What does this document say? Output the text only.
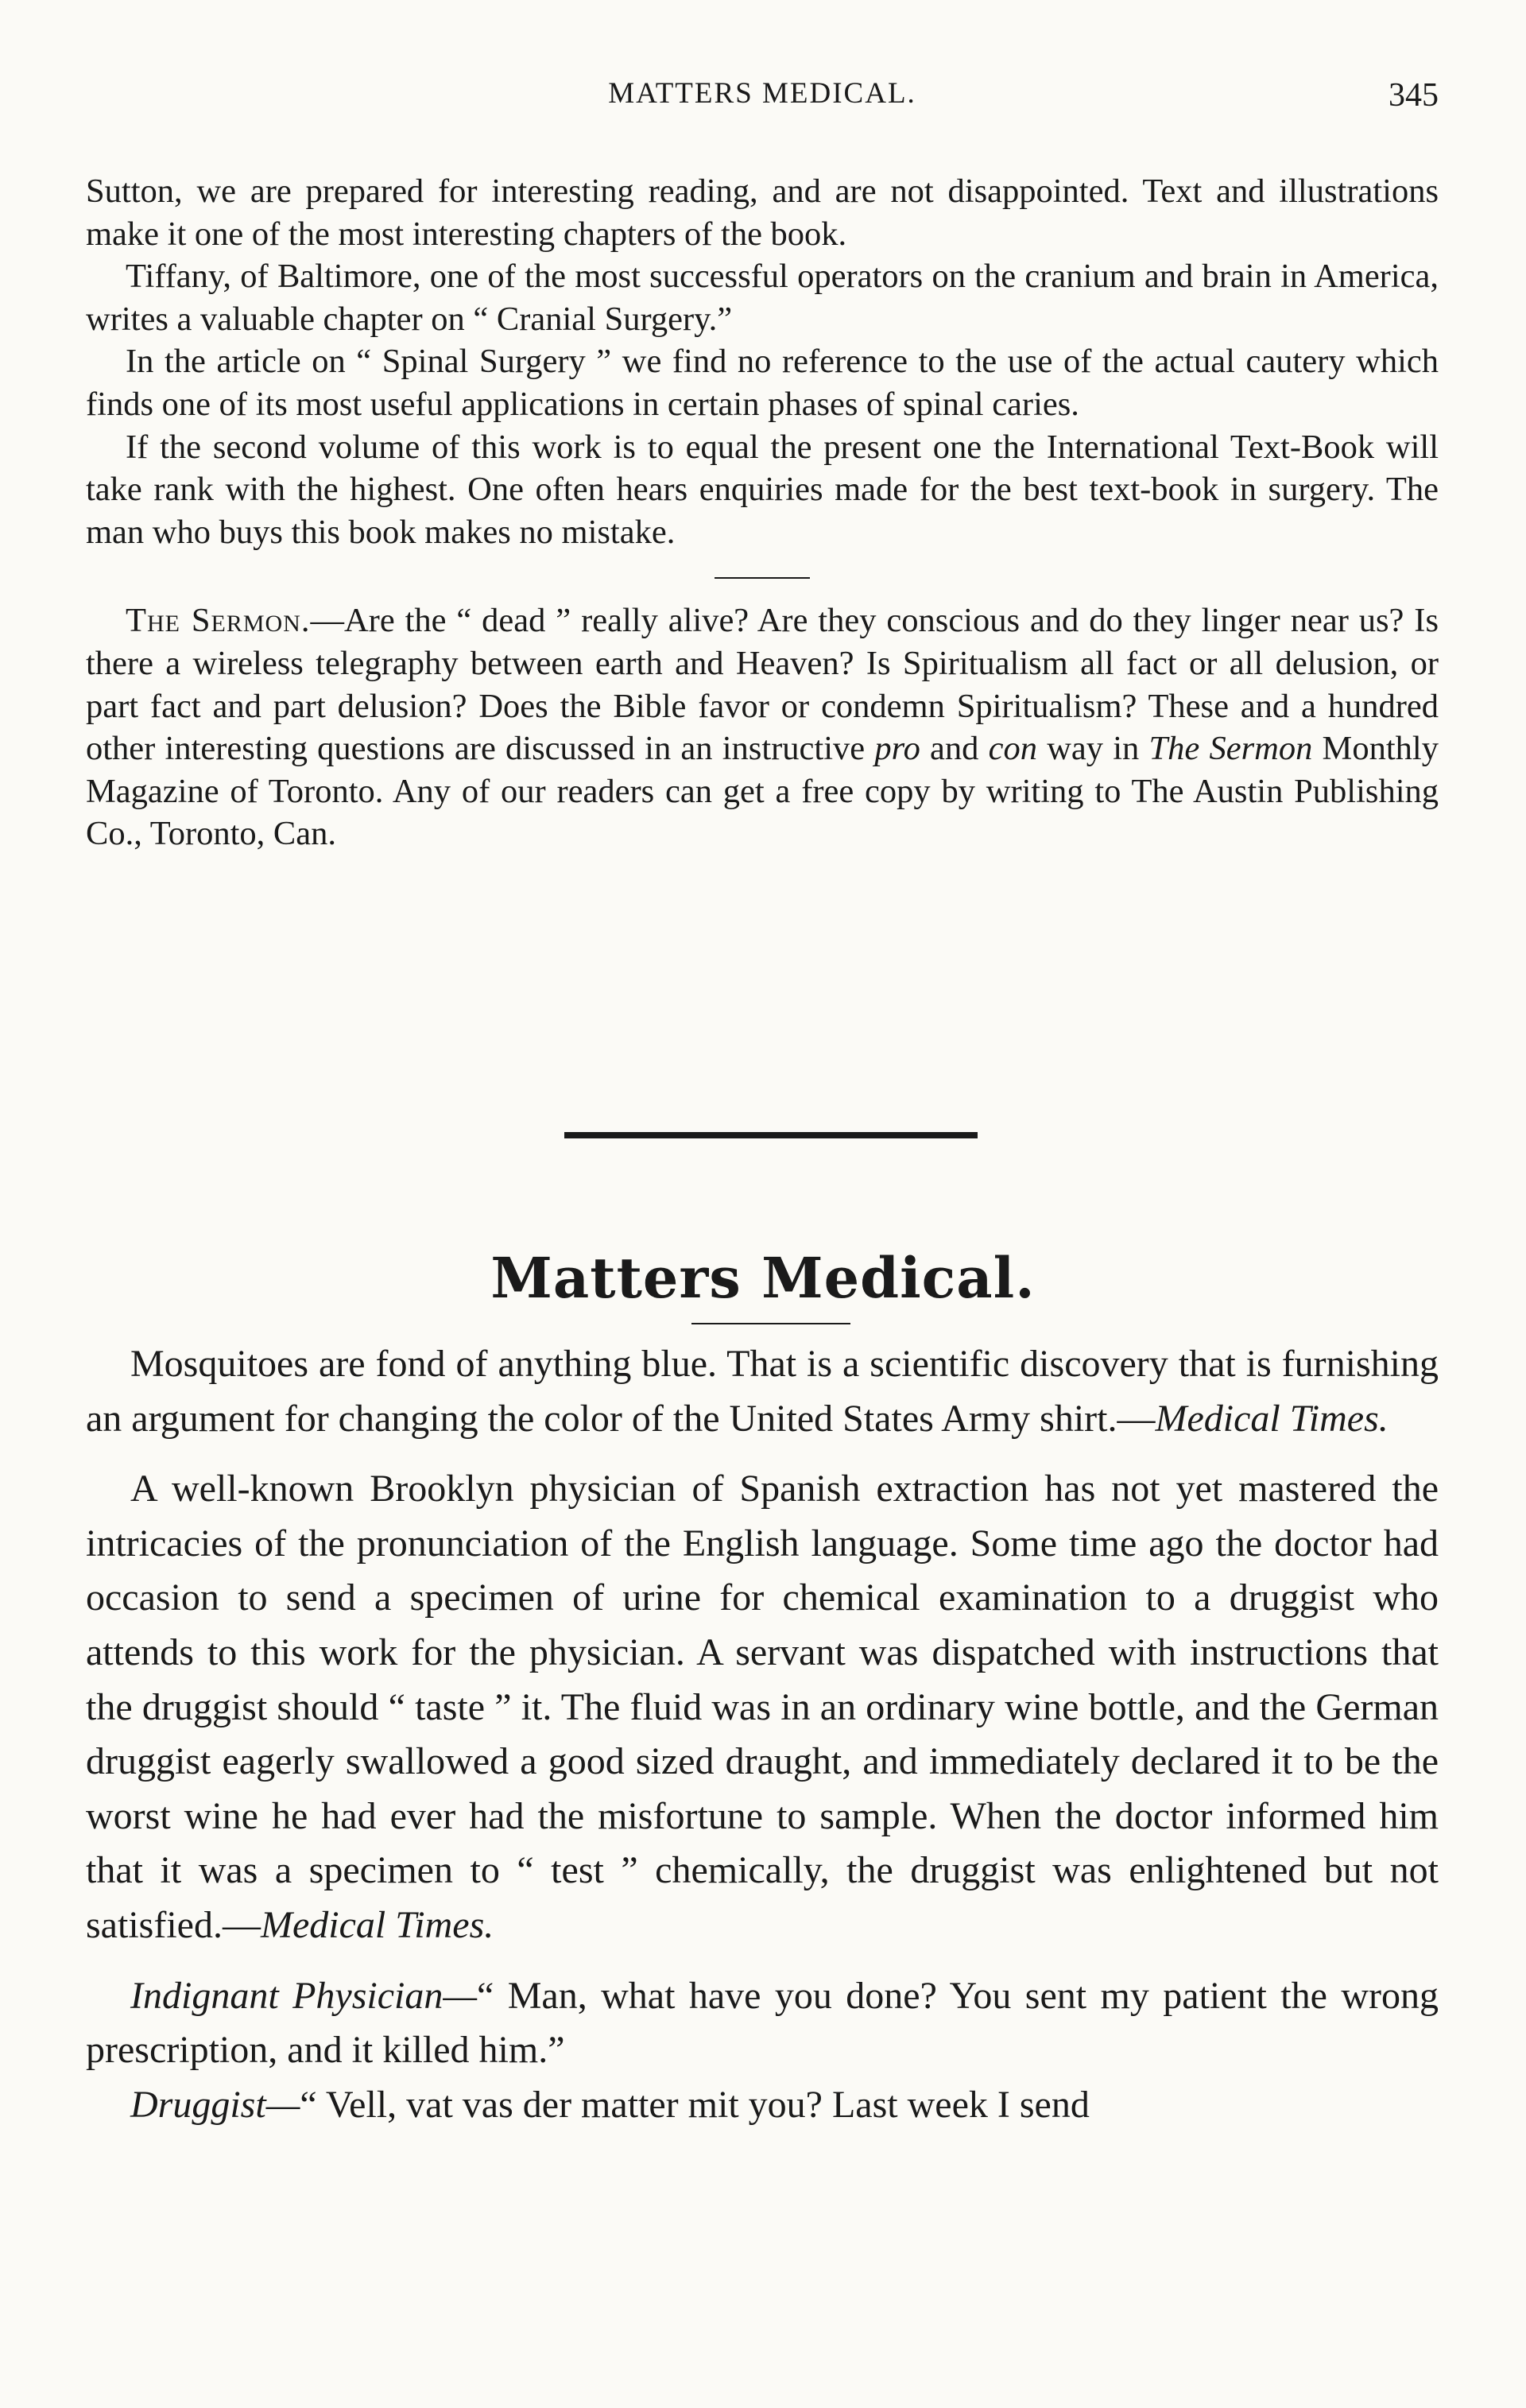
MATTERS MEDICAL.	345

Sutton, we are prepared for interesting reading, and are not disappointed. Text and illustrations make it one of the most interesting chapters of the book.

Tiffany, of Baltimore, one of the most successful operators on the cranium and brain in America, writes a valuable chapter on “ Cranial Surgery.”

In the article on “ Spinal Surgery ” we find no reference to the use of the actual cautery which finds one of its most useful applications in certain phases of spinal caries.

If the second volume of this work is to equal the present one the International Text-Book will take rank with the highest. One often hears enquiries made for the best text-book in surgery. The man who buys this book makes no mistake.

The Sermon.—Are the “ dead ” really alive? Are they conscious and do they linger near us? Is there a wireless telegraphy between earth and Heaven? Is Spiritualism all fact or all delusion, or part fact and part delusion? Does the Bible favor or condemn Spiritualism? These and a hundred other interesting questions are discussed in an instructive pro and con way in The Sermon Monthly Magazine of Toronto. Any of our readers can get a free copy by writing to The Austin Publishing Co., Toronto, Can.

Matters Medical.

Mosquitoes are fond of anything blue. That is a scientific discovery that is furnishing an argument for changing the color of the United States Army shirt.—Medical Times.

A well-known Brooklyn physician of Spanish extraction has not yet mastered the intricacies of the pronunciation of the English language. Some time ago the doctor had occasion to send a specimen of urine for chemical examination to a druggist who attends to this work for the physician. A servant was dispatched with instructions that the druggist should “ taste ” it. The fluid was in an ordinary wine bottle, and the German druggist eagerly swallowed a good sized draught, and immediately declared it to be the worst wine he had ever had the misfortune to sample. When the doctor informed him that it was a specimen to “ test ” chemically, the druggist was enlightened but not satisfied.—Medical Times.

Indignant Physician—“ Man, what have you done? You sent my patient the wrong prescription, and it killed him.”

Druggist—“ Vell, vat vas der matter mit you? Last week I send
